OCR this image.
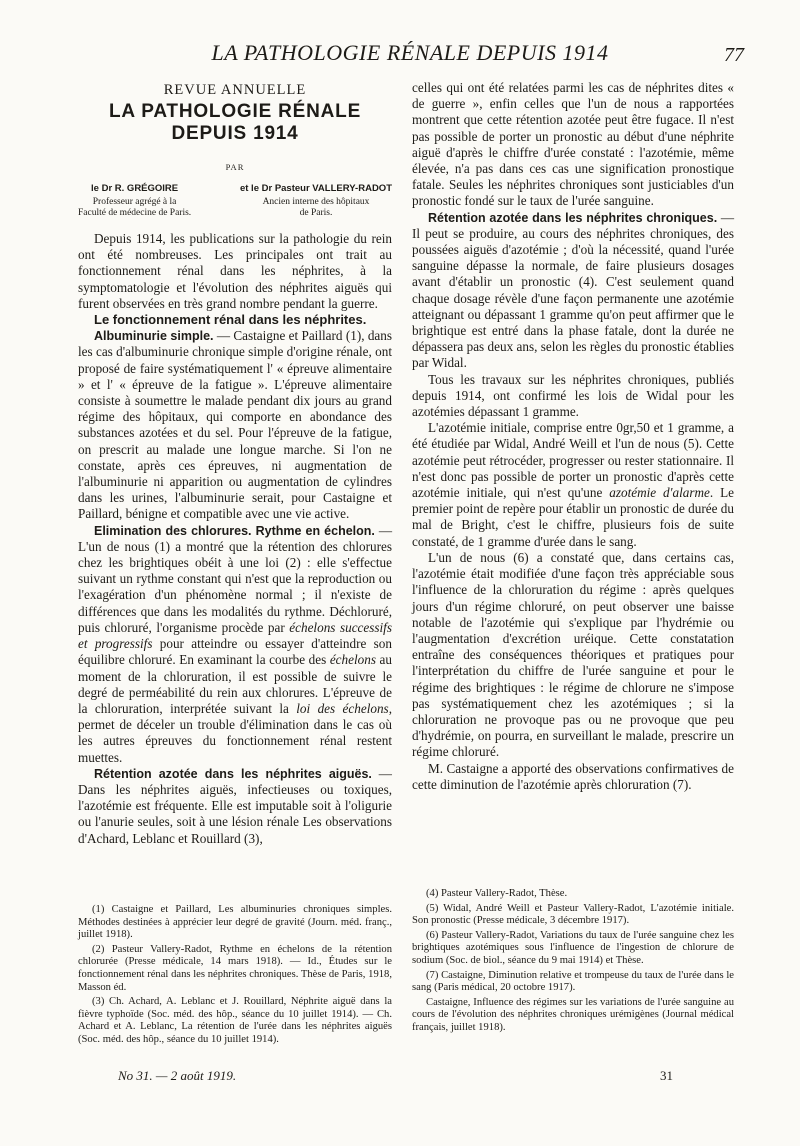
LA PATHOLOGIE RÉNALE DEPUIS 1914	77
REVUE ANNUELLE
LA PATHOLOGIE RÉNALE
DEPUIS 1914
PAR
le Dr R. GRÉGOIRE
Professeur agrégé à la
Faculté de médecine de Paris.
et le Dr Pasteur VALLERY-RADOT
Ancien interne des hôpitaux
de Paris.

Depuis 1914, les publications sur la pathologie du rein ont été nombreuses. Les principales ont trait au fonctionnement rénal dans les néphrites, à la symptomatologie et l'évolution des néphrites aiguës qui furent observées en très grand nombre pendant la guerre.

Le fonctionnement rénal dans les néphrites.

Albuminurie simple. — Castaigne et Paillard (1), dans les cas d'albuminurie chronique simple d'origine rénale, ont proposé de faire systématiquement l' « épreuve alimentaire » et l' « épreuve de la fatigue ». L'épreuve alimentaire consiste à soumettre le malade pendant dix jours au grand régime des hôpitaux, qui comporte en abondance des substances azotées et du sel. Pour l'épreuve de la fatigue, on prescrit au malade une longue marche. Si l'on ne constate, après ces épreuves, ni augmentation de l'albuminurie ni apparition ou augmentation de cylindres dans les urines, l'albuminurie serait, pour Castaigne et Paillard, bénigne et compatible avec une vie active.

Elimination des chlorures. Rythme en échelon. — L'un de nous (1) a montré que la rétention des chlorures chez les brightiques obéit à une loi (2) : elle s'effectue suivant un rythme constant qui n'est que la reproduction ou l'exagération d'un phénomène normal ; il n'existe de différences que dans les modalités du rythme. Déchloruré, puis chloruré, l'organisme procède par échelons successifs et progressifs pour atteindre ou essayer d'atteindre son équilibre chloruré. En examinant la courbe des échelons au moment de la chloruration, il est possible de suivre le degré de perméabilité du rein aux chlorures. L'épreuve de la chloruration, interprétée suivant la loi des échelons, permet de déceler un trouble d'élimination dans le cas où les autres épreuves du fonctionnement rénal restent muettes.

Rétention azotée dans les néphrites aiguës. — Dans les néphrites aiguës, infectieuses ou toxiques, l'azotémie est fréquente. Elle est imputable soit à l'oligurie ou l'anurie seules, soit à une lésion rénale Les observations d'Achard, Leblanc et Rouillard (3),

celles qui ont été relatées parmi les cas de néphrites dites « de guerre », enfin celles que l'un de nous a rapportées montrent que cette rétention azotée peut être fugace. Il n'est pas possible de porter un pronostic au début d'une néphrite aiguë d'après le chiffre d'urée constaté : l'azotémie, même élevée, n'a pas dans ces cas une signification pronostique fatale. Seules les néphrites chroniques sont justiciables d'un pronostic fondé sur le taux de l'urée sanguine.

Rétention azotée dans les néphrites chroniques. — Il peut se produire, au cours des néphrites chroniques, des poussées aiguës d'azotémie ; d'où la nécessité, quand l'urée sanguine dépasse la normale, de faire plusieurs dosages avant d'établir un pronostic (4). C'est seulement quand chaque dosage révèle d'une façon permanente une azotémie atteignant ou dépassant 1 gramme qu'on peut affirmer que le brightique est entré dans la phase fatale, dont la durée ne dépassera pas deux ans, selon les règles du pronostic établies par Widal.

Tous les travaux sur les néphrites chroniques, publiés depuis 1914, ont confirmé les lois de Widal pour les azotémies dépassant 1 gramme.

L'azotémie initiale, comprise entre 0gr,50 et 1 gramme, a été étudiée par Widal, André Weill et l'un de nous (5). Cette azotémie peut rétrocéder, progresser ou rester stationnaire. Il n'est donc pas possible de porter un pronostic d'après cette azotémie initiale, qui n'est qu'une azotémie d'alarme. Le premier point de repère pour établir un pronostic de durée du mal de Bright, c'est le chiffre, plusieurs fois de suite constaté, de 1 gramme d'urée dans le sang.

L'un de nous (6) a constaté que, dans certains cas, l'azotémie était modifiée d'une façon très appréciable sous l'influence de la chloruration du régime : après quelques jours d'un régime chloruré, on peut observer une baisse notable de l'azotémie qui s'explique par l'hydrémie ou l'augmentation d'excrétion uréique. Cette constatation entraîne des conséquences théoriques et pratiques pour l'interprétation du chiffre de l'urée sanguine et pour le régime des brightiques : le régime de chlorure ne s'impose pas systématiquement chez les azotémiques ; si la chloruration ne provoque pas ou ne provoque que peu d'hydrémie, on pourra, en surveillant le malade, prescrire un régime chloruré.

M. Castaigne a apporté des observations confirmatives de cette diminution de l'azotémie après chloruration (7).

(1) Castaigne et Paillard, Les albuminuries chroniques simples. Méthodes destinées à apprécier leur degré de gravité (Journ. méd. franç., juillet 1918).

(2) Pasteur Vallery-Radot, Rythme en échelons de la rétention chlorurée (Presse médicale, 14 mars 1918). — Id., Études sur le fonctionnement rénal dans les néphrites chroniques. Thèse de Paris, 1918, Masson éd.

(3) Ch. Achard, A. Leblanc et J. Rouillard, Néphrite aiguë dans la fièvre typhoïde (Soc. méd. des hôp., séance du 10 juillet 1914). — Ch. Achard et A. Leblanc, La rétention de l'urée dans les néphrites aiguës (Soc. méd. des hôp., séance du 10 juillet 1914).

(4) Pasteur Vallery-Radot, Thèse.

(5) Widal, André Weill et Pasteur Vallery-Radot, L'azotémie initiale. Son pronostic (Presse médicale, 3 décembre 1917).

(6) Pasteur Vallery-Radot, Variations du taux de l'urée sanguine chez les brightiques azotémiques sous l'influence de l'ingestion de chlorure de sodium (Soc. de biol., séance du 9 mai 1914) et Thèse.

(7) Castaigne, Diminution relative et trompeuse du taux de l'urée dans le sang (Paris médical, 20 octobre 1917).

Castaigne, Influence des régimes sur les variations de l'urée sanguine au cours de l'évolution des néphrites chroniques urémigènes (Journal médical français, juillet 1918).

No 31. — 2 août 1919.	31
